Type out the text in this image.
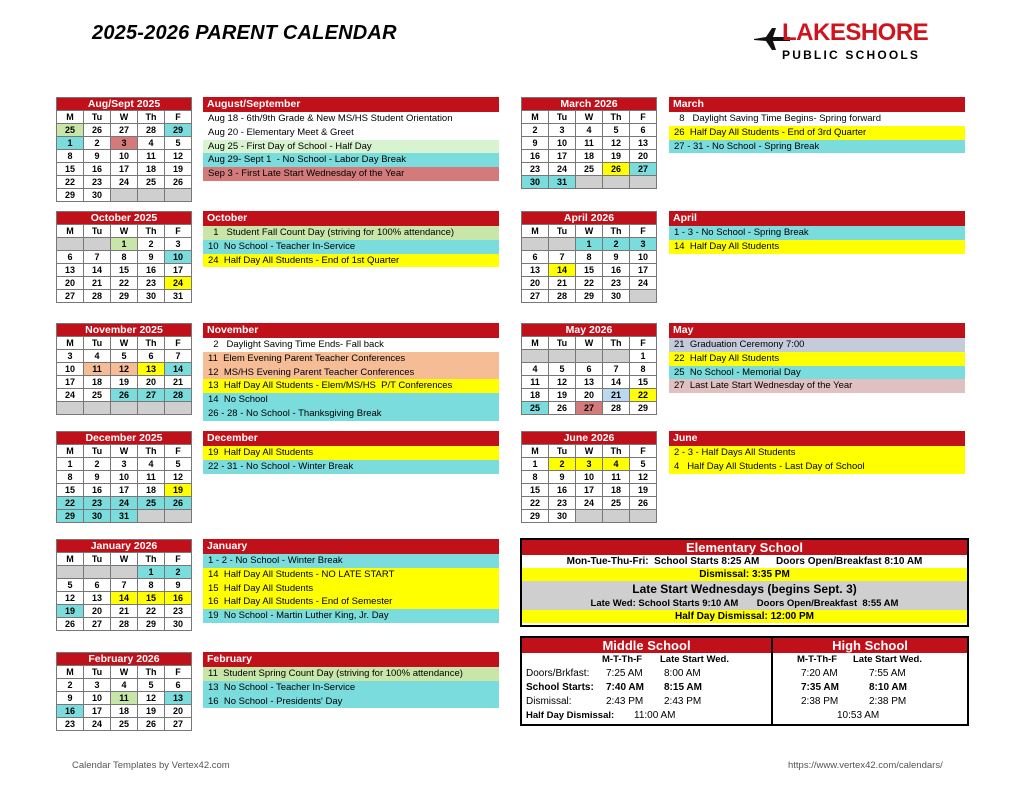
2025-2026 PARENT CALENDAR	LAKESHORE
PUBLIC SCHOOLS
Aug/Sept 2025				
M	Tu	W	Th	F
25	26	27	28	29
1	2	3	4	5
8	9	10	11	12
15	16	17	18	19
22	23	24	25	26
29	30			
October 2025				
M	Tu	W	Th	F
		1	2	3
6	7	8	9	10
13	14	15	16	17
20	21	22	23	24
27	28	29	30	31
November 2025				
M	Tu	W	Th	F
3	4	5	6	7
10	11	12	13	14
17	18	19	20	21
24	25	26	27	28

December 2025				
M	Tu	W	Th	F
1	2	3	4	5
8	9	10	11	12
15	16	17	18	19
22	23	24	25	26
29	30	31		
January 2026				
M	Tu	W	Th	F
			1	2
5	6	7	8	9
12	13	14	15	16
19	20	21	22	23
26	27	28	29	30
February 2026				
M	Tu	W	Th	F
2	3	4	5	6
9	10	11	12	13
16	17	18	19	20
23	24	25	26	27
March 2026				
M	Tu	W	Th	F
2	3	4	5	6
9	10	11	12	13
16	17	18	19	20
23	24	25	26	27
30	31			
April 2026				
M	Tu	W	Th	F
		1	2	3
6	7	8	9	10
13	14	15	16	17
20	21	22	23	24
27	28	29	30	
May 2026				
M	Tu	W	Th	F
				1
4	5	6	7	8
11	12	13	14	15
18	19	20	21	22
25	26	27	28	29
June 2026				
M	Tu	W	Th	F
1	2	3	4	5
8	9	10	11	12
15	16	17	18	19
22	23	24	25	26
29	30			
August/September
Aug 18 - 6th/9th Grade & New MS/HS Student Orientation
Aug 20 - Elementary Meet & Greet
Aug 25 - First Day of School - Half Day
Aug 29- Sept 1  - No School - Labor Day Break
Sep 3 - First Late Start Wednesday of the Year
October
1   Student Fall Count Day (striving for 100% attendance)
10  No School - Teacher In-Service
24  Half Day All Students - End of 1st Quarter
November
2   Daylight Saving Time Ends- Fall back
11  Elem Evening Parent Teacher Conferences
12  MS/HS Evening Parent Teacher Conferences
13  Half Day All Students - Elem/MS/HS  P/T Conferences
14  No School
26 - 28 - No School - Thanksgiving Break
December
19  Half Day All Students
22 - 31 - No School - Winter Break
January
1 - 2 - No School - Winter Break
14  Half Day All Students - NO LATE START
15  Half Day All Students
16  Half Day All Students - End of Semester
19  No School - Martin Luther King, Jr. Day
February
11  Student Spring Count Day (striving for 100% attendance)
13  No School - Teacher In-Service
16  No School - Presidents' Day
March
8   Daylight Saving Time Begins- Spring forward
26  Half Day All Students - End of 3rd Quarter
27 - 31 - No School - Spring Break
April
1 - 3 - No School - Spring Break
14  Half Day All Students
May
21  Graduation Ceremony 7:00
22  Half Day All Students
25  No School - Memorial Day
27  Last Late Start Wednesday of the Year
June
2 - 3 - Half Days All Students
4   Half Day All Students - Last Day of School
Elementary School
Mon-Tue-Thu-Fri:  School Starts 8:25 AM      Doors Open/Breakfast 8:10 AM
Dismissal: 3:35 PM
Late Start Wednesdays (begins Sept. 3)
Late Wed: School Starts 9:10 AM       Doors Open/Breakfast  8:55 AM
Half Day Dismissal: 12:00 PM
Middle School
M-T-Th-F Late Start Wed.
Doors/Brkfast: 7:25 AM 8:00 AM
School Starts: 7:40 AM 8:15 AM
Dismissal:	2:43 PM 2:43 PM
Half Day Dismissal: 11:00 AM
High School
M-T-Th-F Late Start Wed.
7:20 AM	7:55 AM
7:35 AM	8:10 AM
2:38 PM	2:38 PM
10:53 AM
Calendar Templates by Vertex42.com	https://www.vertex42.com/calendars/
